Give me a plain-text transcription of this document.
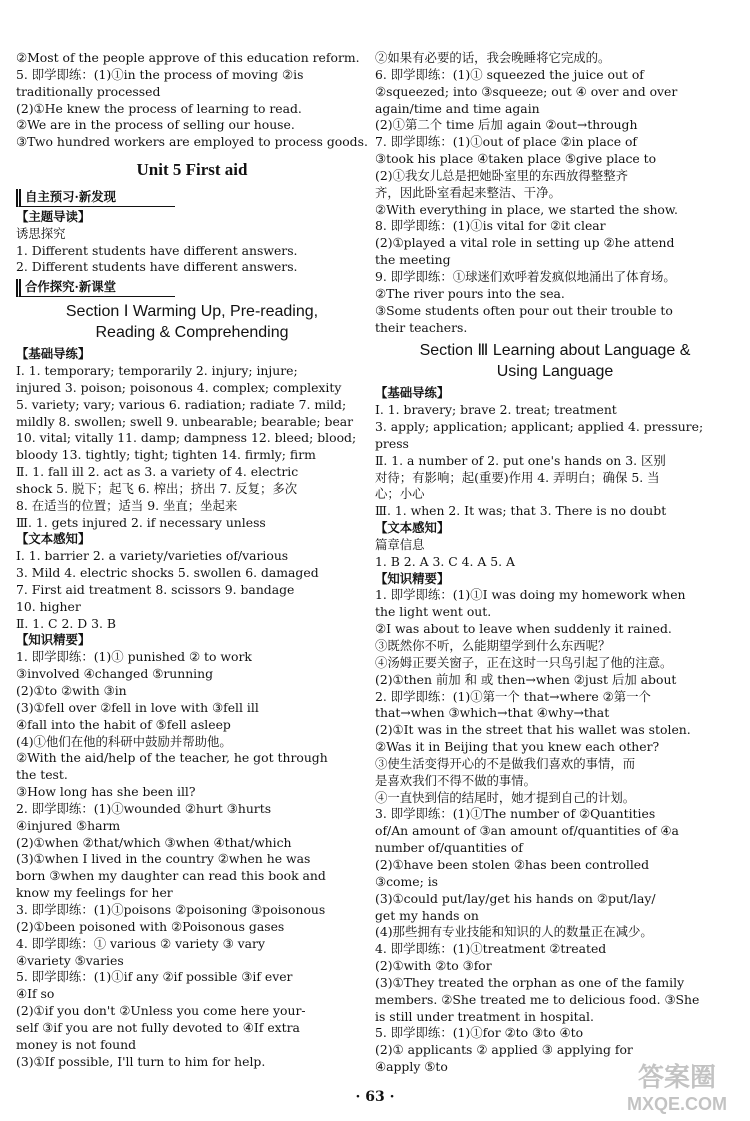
②Most of the people approve of this education reform.
5. 即学即练：(1)①in the process of moving ②is
traditionally processed
(2)①He knew the process of learning to read.
②We are in the process of selling our house.
③Two hundred workers are employed to process goods.
Unit 5 First aid
自主预习·新发现
【主题导读】
诱思探究
1. Different students have different answers.
2. Different students have different answers.
合作探究·新课堂
Section Ⅰ Warming Up, Pre-reading,
Reading & Comprehending
【基础导练】
Ⅰ. 1. temporary; temporarily 2. injury; injure;
injured 3. poison; poisonous 4. complex; complexity
5. variety; vary; various 6. radiation; radiate 7. mild;
mildly 8. swollen; swell 9. unbearable; bearable; bear
10. vital; vitally 11. damp; dampness 12. bleed; blood;
bloody 13. tightly; tight; tighten 14. firmly; firm
Ⅱ. 1. fall ill 2. act as 3. a variety of 4. electric
shock 5. 脱下；起飞 6. 榨出；挤出 7. 反复；多次
8. 在适当的位置；适当 9. 坐直；坐起来
Ⅲ. 1. gets injured 2. if necessary unless
【文本感知】
Ⅰ. 1. barrier 2. a variety/varieties of/various
3. Mild 4. electric shocks 5. swollen 6. damaged
7. First aid treatment 8. scissors 9. bandage
10. higher
Ⅱ. 1. C 2. D 3. B
【知识精要】
1. 即学即练：(1)① punished ② to work
③involved ④changed ⑤running
(2)①to ②with ③in
(3)①fell over ②fell in love with ③fell ill
④fall into the habit of ⑤fell asleep
(4)①他们在他的科研中鼓励并帮助他。
②With the aid/help of the teacher, he got through
the test.
③How long has she been ill?
2. 即学即练：(1)①wounded ②hurt ③hurts
④injured ⑤harm
(2)①when ②that/which ③when ④that/which
(3)①when I lived in the country ②when he was
born ③when my daughter can read this book and
know my feelings for her
3. 即学即练：(1)①poisons ②poisoning ③poisonous
(2)①been poisoned with ②Poisonous gases
4. 即学即练：① various ② variety ③ vary
④variety ⑤varies
5. 即学即练：(1)①if any ②if possible ③if ever
④If so
(2)①if you don't ②Unless you come here your-
self ③if you are not fully devoted to ④If extra
money is not found
(3)①If possible, I'll turn to him for help.
②如果有必要的话，我会晚睡将它完成的。
6. 即学即练：(1)① squeezed the juice out of
②squeezed; into ③squeeze; out ④ over and over
again/time and time again
(2)①第二个 time 后加 again ②out→through
7. 即学即练：(1)①out of place ②in place of
③took his place ④taken place ⑤give place to
(2)①我女儿总是把她卧室里的东西放得整整齐
齐，因此卧室看起来整洁、干净。
②With everything in place, we started the show.
8. 即学即练：(1)①is vital for ②it clear
(2)①played a vital role in setting up ②he attend
the meeting
9. 即学即练：①球迷们欢呼着发疯似地涌出了体育场。
②The river pours into the sea.
③Some students often pour out their trouble to
their teachers.
Section Ⅲ Learning about Language &
Using Language
【基础导练】
Ⅰ. 1. bravery; brave 2. treat; treatment
3. apply; application; applicant; applied 4. pressure;
press
Ⅱ. 1. a number of 2. put one's hands on 3. 区别
对待；有影响；起(重要)作用 4. 弄明白；确保 5. 当
心；小心
Ⅲ. 1. when 2. It was; that 3. There is no doubt
【文本感知】
篇章信息
1. B 2. A 3. C 4. A 5. A
【知识精要】
1. 即学即练：(1)①I was doing my homework when
the light went out.
②I was about to leave when suddenly it rained.
③既然你不听，么能期望学到什么东西呢？
④汤姆正要关窗子，正在这时一只鸟引起了他的注意。
(2)①then 前加 和 或 then→when ②just 后加 about
2. 即学即练：(1)①第一个 that→where ②第一个
that→when ③which→that ④why→that
(2)①It was in the street that his wallet was stolen.
②Was it in Beijing that you knew each other?
③使生活变得开心的不是做我们喜欢的事情，而
是喜欢我们不得不做的事情。
④一直快到信的结尾时，她才提到自己的计划。
3. 即学即练：(1)①The number of ②Quantities
of/An amount of ③an amount of/quantities of ④a
number of/quantities of
(2)①have been stolen ②has been controlled
③come; is
(3)①could put/lay/get his hands on ②put/lay/
get my hands on
(4)那些拥有专业技能和知识的人的数量正在减少。
4. 即学即练：(1)①treatment ②treated
(2)①with ②to ③for
(3)①They treated the orphan as one of the family
members. ②She treated me to delicious food. ③She
is still under treatment in hospital.
5. 即学即练：(1)①for ②to ③to ④to
(2)① applicants ② applied ③ applying for
④apply ⑤to
· 63 ·
答案圈
MXQE.COM
